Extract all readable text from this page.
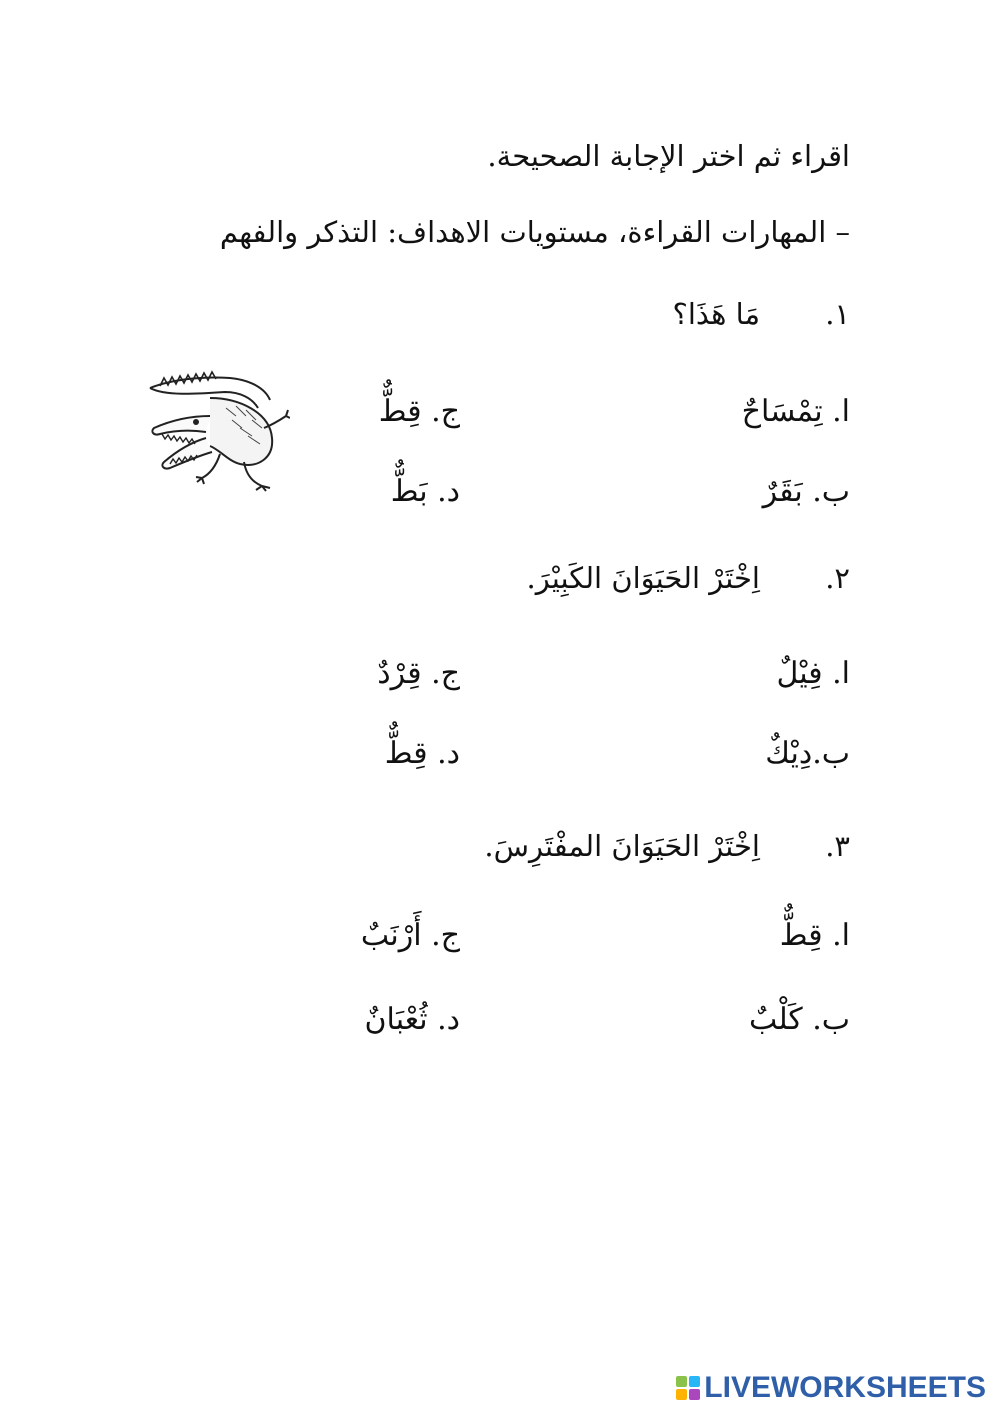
اقراء ثم اختر الإجابة الصحيحة.
– المهارات القراءة، مستويات الاهداف: التذكر والفهم
١.
مَا هَذَا؟
ا. تِمْسَاحٌ
ب. بَقَرٌ
ج. قِطٌّ
د. بَطٌّ
٢.
اِخْتَرْ الحَيَوَانَ الكَبِيْرَ.
ا. فِيْلٌ
ب.دِيْكٌ
ج. قِرْدٌ
د. قِطٌّ
٣.
اِخْتَرْ الحَيَوَانَ المفْتَرِسَ.
ا. قِطٌّ
ب. كَلْبٌ
ج. أَرْنَبٌ
د. ثُعْبَانٌ
LIVEWORKSHEETS
